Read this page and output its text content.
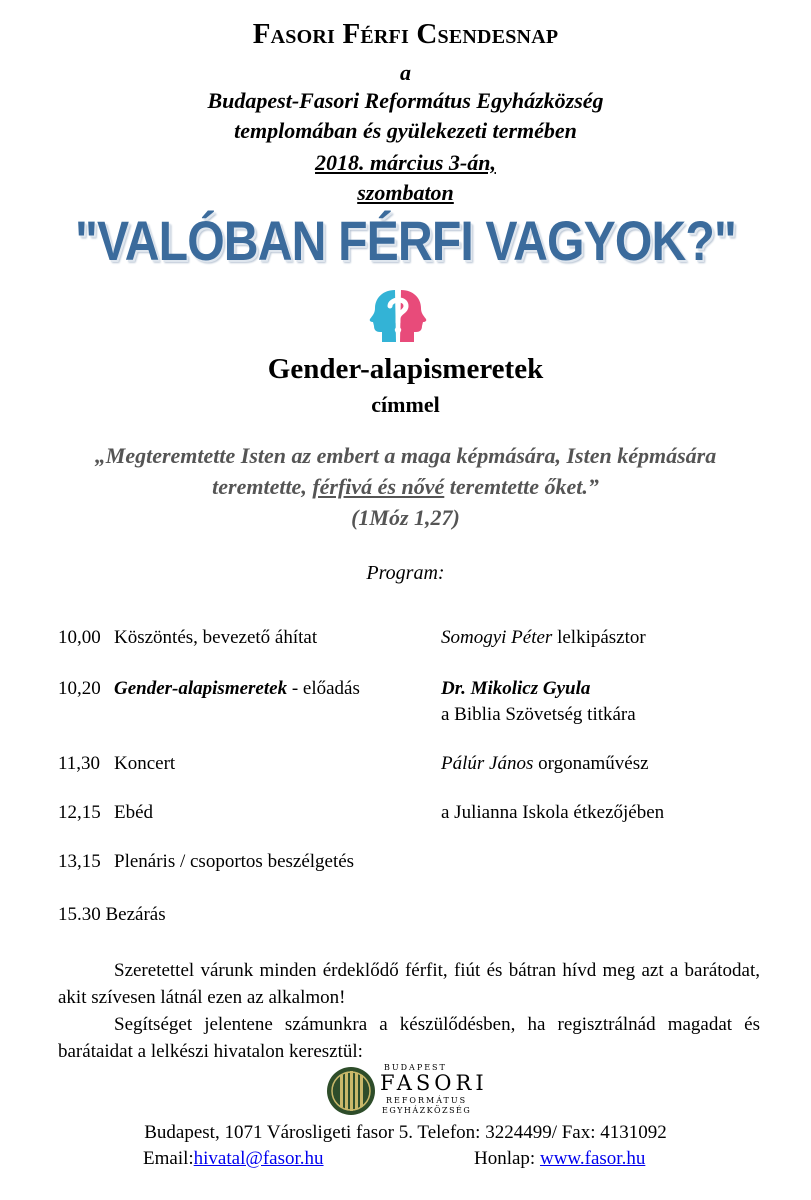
Fasori Férfi Csendesnap
a
Budapest-Fasori Református Egyházközség
templomában és gyülekezeti termében
2018. március 3-án,
szombaton
"VALÓBAN FÉRFI VAGYOK?"
Gender-alapismeretek
címmel
„Megteremtette Isten az embert a maga képmására, Isten képmására
teremtette, férfivá és nővé teremtette őket.”
(1Móz 1,27)
Program:
10,00 Köszöntés, bevezető áhítat	Somogyi Péter lelkipásztor
10,20 Gender-alapismeretek - előadás	Dr. Mikolicz Gyula
a Biblia Szövetség titkára
11,30 Koncert	Pálúr János orgonaművész
12,15 Ebéd	a Julianna Iskola étkezőjében
13,15 Plenáris / csoportos beszélgetés
15.30 Bezárás
Szeretettel várunk minden érdeklődő férfit, fiút és bátran hívd meg azt a barátodat, akit szívesen látnál ezen az alkalmon!
Segítséget jelentene számunkra a készülődésben, ha regisztrálnád magadat és barátaidat a lelkészi hivatalon keresztül:
BUDAPEST
FASORI
REFORMÁTUS
EGYHÁZKÖZSÉG
Budapest, 1071 Városligeti fasor 5. Telefon: 3224499/ Fax: 4131092
Email:hivatal@fasor.hu	Honlap: www.fasor.hu
